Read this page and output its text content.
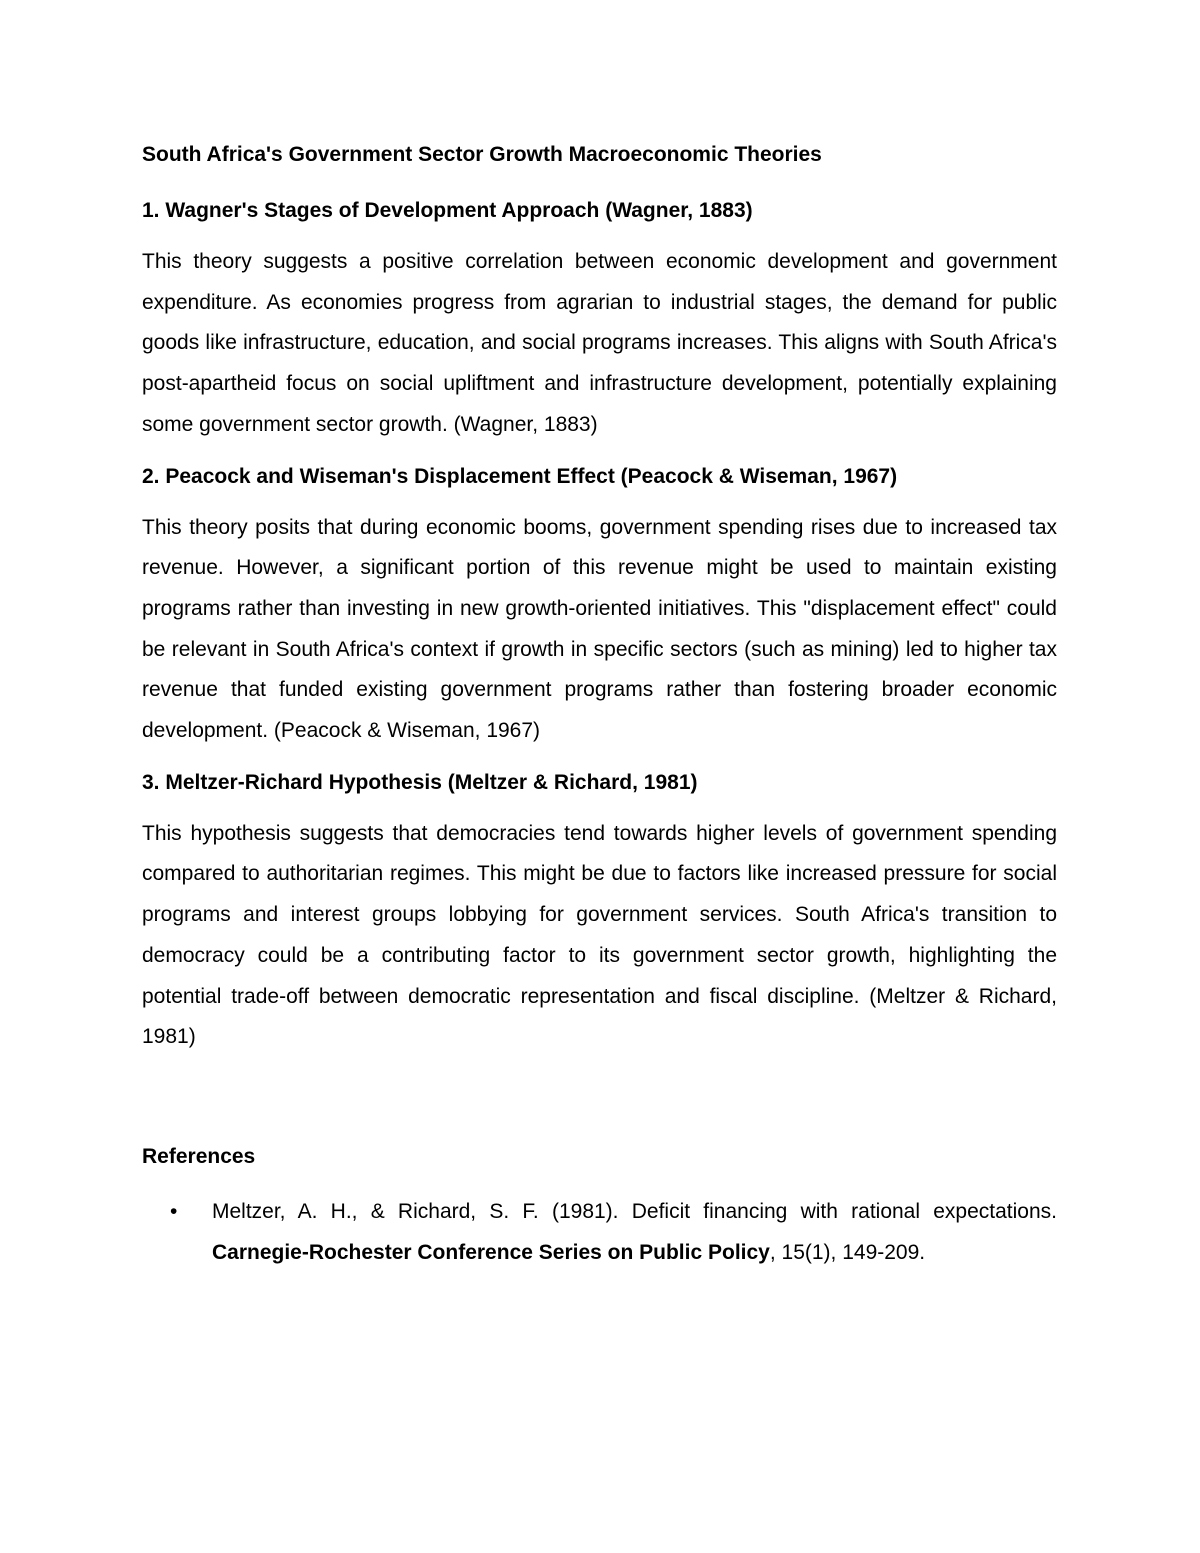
South Africa's Government Sector Growth Macroeconomic Theories
1. Wagner's Stages of Development Approach (Wagner, 1883)

This theory suggests a positive correlation between economic development and government expenditure. As economies progress from agrarian to industrial stages, the demand for public goods like infrastructure, education, and social programs increases. This aligns with South Africa's post-apartheid focus on social upliftment and infrastructure development, potentially explaining some government sector growth. (Wagner, 1883)

2. Peacock and Wiseman's Displacement Effect (Peacock & Wiseman, 1967)

This theory posits that during economic booms, government spending rises due to increased tax revenue. However, a significant portion of this revenue might be used to maintain existing programs rather than investing in new growth-oriented initiatives. This "displacement effect" could be relevant in South Africa's context if growth in specific sectors (such as mining) led to higher tax revenue that funded existing government programs rather than fostering broader economic development. (Peacock & Wiseman, 1967)

3. Meltzer-Richard Hypothesis (Meltzer & Richard, 1981)

This hypothesis suggests that democracies tend towards higher levels of government spending compared to authoritarian regimes. This might be due to factors like increased pressure for social programs and interest groups lobbying for government services. South Africa's transition to democracy could be a contributing factor to its government sector growth, highlighting the potential trade-off between democratic representation and fiscal discipline. (Meltzer & Richard, 1981)

References
• Meltzer, A. H., & Richard, S. F. (1981). Deficit financing with rational expectations. Carnegie-Rochester Conference Series on Public Policy, 15(1), 149-209.
